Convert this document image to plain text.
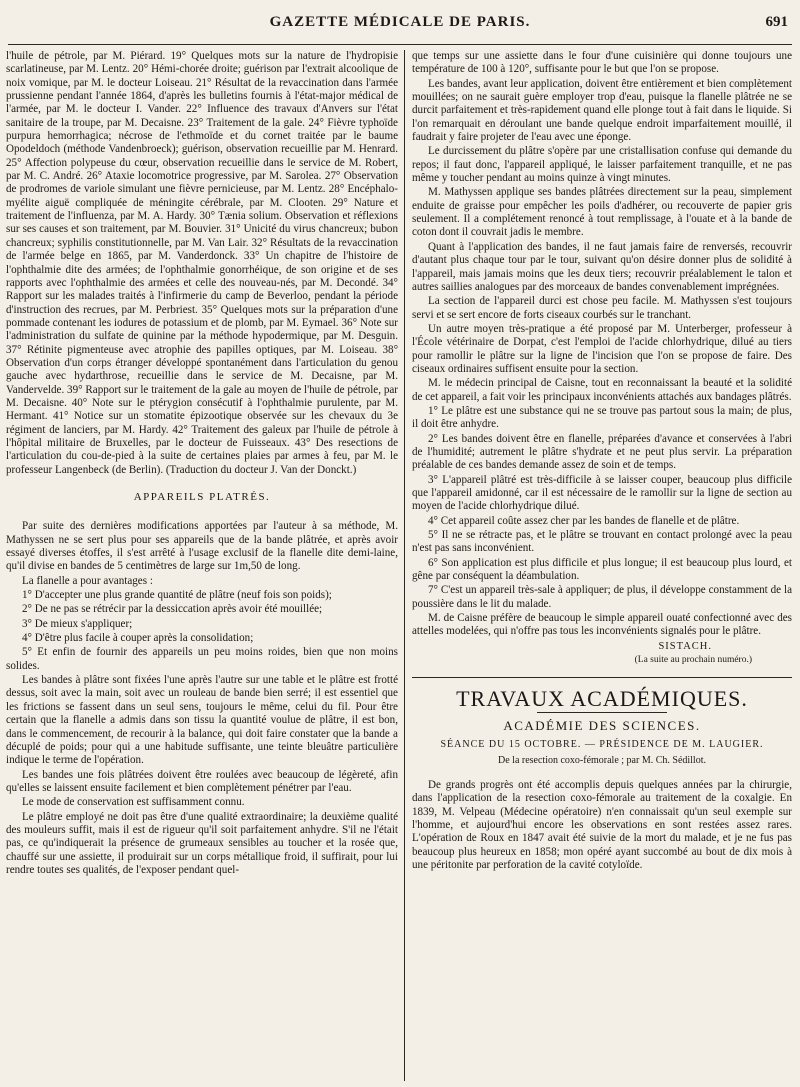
GAZETTE MÉDICALE DE PARIS.	691

l'huile de pétrole, par M. Piérard. 19° Quelques mots sur la nature de l'hydropisie scarlatineuse, par M. Lentz. 20° Hémi-chorée droite; guérison par l'extrait alcoolique de noix vomique, par M. le docteur Loiseau. 21° Résultat de la revaccination dans l'armée prussienne pendant l'année 1864, d'après les bulletins fournis à l'état-major médical de l'armée, par M. le docteur I. Vander. 22° Influence des travaux d'Anvers sur l'état sanitaire de la troupe, par M. Decaisne. 23° Traitement de la gale. 24° Fièvre typhoïde purpura hemorrhagica; nécrose de l'ethmoïde et du cornet traitée par le baume Opodeldoch (méthode Vandenbroeck); guérison, observation recueillie par M. Henrard. 25° Affection polypeuse du cœur, observation recueillie dans le service de M. Robert, par M. C. André. 26° Ataxie locomotrice progressive, par M. Sarolea. 27° Observation de prodromes de variole simulant une fièvre pernicieuse, par M. Lentz. 28° Encéphalo-myélite aiguë compliquée de méningite cérébrale, par M. Clooten. 29° Nature et traitement de l'influenza, par M. A. Hardy. 30° Tænia solium. Observation et réflexions sur ses causes et son traitement, par M. Bouvier. 31° Unicité du virus chancreux; bubon chancreux; syphilis constitutionnelle, par M. Van Lair. 32° Résultats de la revaccination de l'armée belge en 1865, par M. Vanderdonck. 33° Un chapitre de l'histoire de l'ophthalmie dite des armées; de l'ophthalmie gonorrhéique, de son origine et de ses rapports avec l'ophthalmie des armées et celle des nouveau-nés, par M. Decondé. 34° Rapport sur les malades traités à l'infirmerie du camp de Beverloo, pendant la période d'instruction des recrues, par M. Perbriest. 35° Quelques mots sur la préparation d'une pommade contenant les iodures de potassium et de plomb, par M. Eymael. 36° Note sur l'administration du sulfate de quinine par la méthode hypodermique, par M. Desguin. 37° Rétinite pigmenteuse avec atrophie des papilles optiques, par M. Loiseau. 38° Observation d'un corps étranger développé spontanément dans l'articulation du genou gauche avec hydarthrose, recueillie dans le service de M. Decaisne, par M. Vanderveldе. 39° Rapport sur le traitement de la gale au moyen de l'huile de pétrole, par M. Decaisne. 40° Note sur le ptérygion consécutif à l'ophthalmie purulente, par M. Hermant. 41° Notice sur un stomatite épizootique observée sur les chevaux du 3e régiment de lanciers, par M. Hardy. 42° Traitement des galeux par l'huile de pétrole à l'hôpital militaire de Bruxelles, par le docteur de Fuisseaux. 43° Des resections de l'articulation du cou-de-pied à la suite de certaines plaies par armes à feu, par M. le professeur Langenbeck (de Berlin). (Traduction du docteur J. Van der Donckt.)

APPAREILS PLATRÉS.

Par suite des dernières modifications apportées par l'auteur à sa méthode, M. Mathyssen ne se sert plus pour ses appareils que de la bande plâtrée, et après avoir essayé diverses étoffes, il s'est arrêté à l'usage exclusif de la flanelle dite demi-laine, qu'il divise en bandes de 5 centimètres de large sur 1m,50 de long.

La flanelle a pour avantages :

1° D'accepter une plus grande quantité de plâtre (neuf fois son poids);

2° De ne pas se rétrécir par la dessiccation après avoir été mouillée;

3° De mieux s'appliquer;

4° D'être plus facile à couper après la consolidation;

5° Et enfin de fournir des appareils un peu moins roides, bien que non moins solides.

Les bandes à plâtre sont fixées l'une après l'autre sur une table et le plâtre est frotté dessus, soit avec la main, soit avec un rouleau de bande bien serré; il est essentiel que les frictions se fassent dans un seul sens, toujours le même, celui du fil. Pour être certain que la flanelle a admis dans son tissu la quantité voulue de plâtre, il est bon, dans le commencement, de recourir à la balance, qui doit faire constater que la bande a décuplé de poids; pour qui a une habitude suffisante, une teinte bleuâtre particulière indique le terme de l'opération.

Les bandes une fois plâtrées doivent être roulées avec beaucoup de légèreté, afin qu'elles se laissent ensuite facilement et bien complètement pénétrer par l'eau.

Le mode de conservation est suffisamment connu.

Le plâtre employé ne doit pas être d'une qualité extraordinaire; la deuxième qualité des mouleurs suffit, mais il est de rigueur qu'il soit parfaitement anhydre. S'il ne l'était pas, ce qu'indiquerait la présence de grumeaux sensibles au toucher et la rosée que, chauffé sur une assiette, il produirait sur un corps métallique froid, il suffirait, pour lui rendre toutes ses qualités, de l'exposer pendant quel-

que temps sur une assiette dans le four d'une cuisinière qui donne toujours une température de 100 à 120°, suffisante pour le but que l'on se propose.

Les bandes, avant leur application, doivent être entièrement et bien complètement mouillées; on ne saurait guère employer trop d'eau, puisque la flanelle plâtrée ne se durcit parfaitement et très-rapidement quand elle plonge tout à fait dans le liquide. Si l'on remarquait en déroulant une bande quelque endroit imparfaitement mouillé, il faudrait y faire projeter de l'eau avec une éponge.

Le durcissement du plâtre s'opère par une cristallisation confuse qui demande du repos; il faut donc, l'appareil appliqué, le laisser parfaitement tranquille, et ne pas même y toucher pendant au moins quinze à vingt minutes.

M. Mathyssen applique ses bandes plâtrées directement sur la peau, simplement enduite de graisse pour empêcher les poils d'adhérer, ou recouverte de papier gris seulement. Il a complétement renoncé à tout remplissage, à l'ouate et à la bande de coton dont il couvrait jadis le membre.

Quant à l'application des bandes, il ne faut jamais faire de renversés, recouvrir d'autant plus chaque tour par le tour, suivant qu'on désire donner plus de solidité à l'appareil, mais jamais moins que les deux tiers; recouvrir préalablement le talon et autres saillies analogues par des morceaux de bandes convenablement imprégnées.

La section de l'appareil durci est chose peu facile. M. Mathyssen s'est toujours servi et se sert encore de forts ciseaux courbés sur le tranchant.

Un autre moyen très-pratique a été proposé par M. Unterberger, professeur à l'École vétérinaire de Dorpat, c'est l'emploi de l'acide chlorhydrique, dilué au tiers pour ramollir le plâtre sur la ligne de l'incision que l'on se propose de faire. Des ciseaux ordinaires suffisent ensuite pour la section.

M. le médecin principal de Caisne, tout en reconnaissant la beauté et la solidité de cet appareil, a fait voir les principaux inconvénients attachés aux bandages plâtrés.

1° Le plâtre est une substance qui ne se trouve pas partout sous la main; de plus, il doit être anhydre.

2° Les bandes doivent être en flanelle, préparées d'avance et conservées à l'abri de l'humidité; autrement le plâtre s'hydrate et ne peut plus servir. La préparation préalable de ces bandes demande assez de soin et de temps.

3° L'appareil plâtré est très-difficile à se laisser couper, beaucoup plus difficile que l'appareil amidonné, car il est nécessaire de le ramollir sur la ligne de section au moyen de l'acide chlorhydrique dilué.

4° Cet appareil coûte assez cher par les bandes de flanelle et de plâtre.

5° Il ne se rétracte pas, et le plâtre se trouvant en contact prolongé avec la peau n'est pas sans inconvénient.

6° Son application est plus difficile et plus longue; il est beaucoup plus lourd, et gêne par conséquent la déambulation.

7° C'est un appareil très-sale à appliquer; de plus, il développe constamment de la poussière dans le lit du malade.

M. de Caisne préfère de beaucoup le simple appareil ouaté confectionné avec des attelles modelées, qui n'offre pas tous les inconvénients signalés pour le plâtre.

SISTACH.

(La suite au prochain numéro.)

TRAVAUX ACADÉMIQUES.
ACADÉMIE DES SCIENCES.
SÉANCE DU 15 OCTOBRE. — PRÉSIDENCE DE M. LAUGIER.
De la resection coxo-fémorale ; par M. Ch. Sédillot.

De grands progrès ont été accomplis depuis quelques années par la chirurgie, dans l'application de la resection coxo-fémorale au traitement de la coxalgie. En 1839, M. Velpeau (Médecine opératoire) n'en connaissait qu'un seul exemple sur l'homme, et aujourd'hui encore les observations en sont restées assez rares. L'opération de Roux en 1847 avait été suivie de la mort du malade, et je ne fus pas beaucoup plus heureux en 1858; mon opéré ayant succombé au bout de dix mois à une péritonite par perforation de la cavité cotyloïde.
